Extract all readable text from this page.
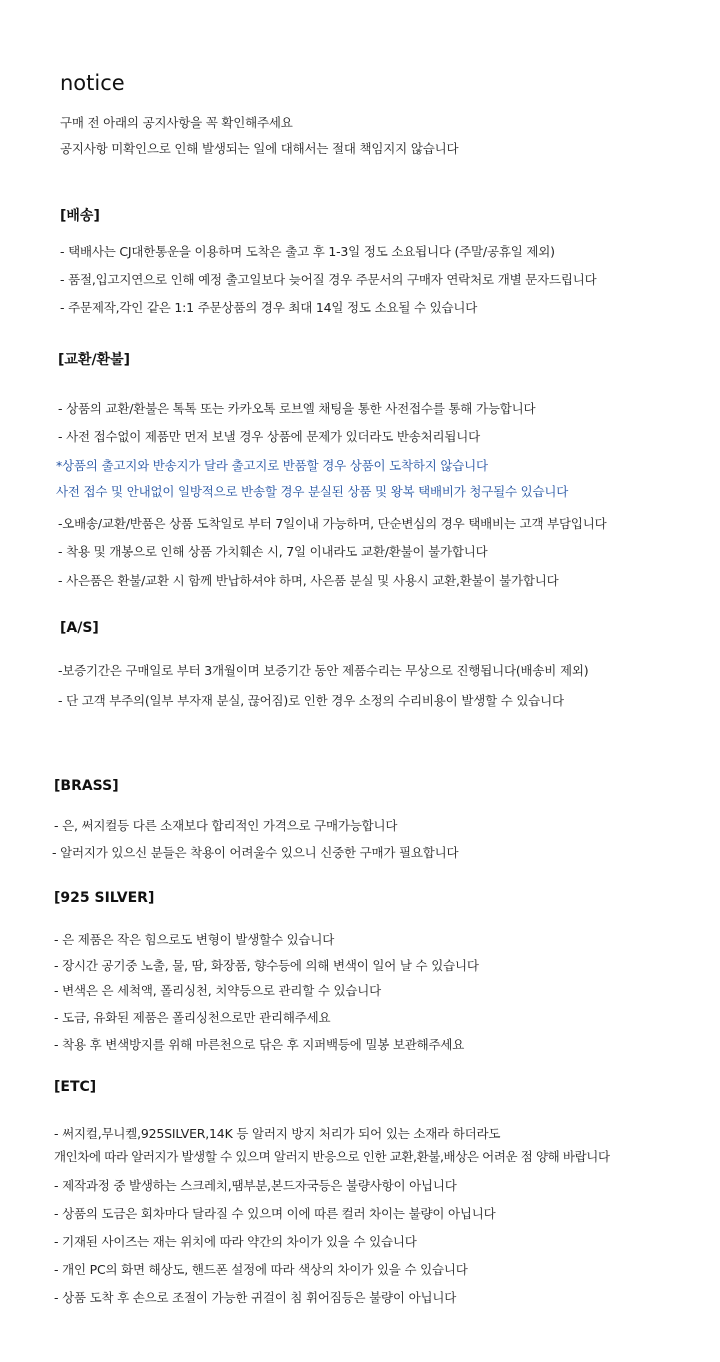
notice
구매 전 아래의 공지사항을 꼭 확인해주세요
공지사항 미확인으로 인해 발생되는 일에 대해서는 절대 책임지지 않습니다
[배송]
- 택배사는 CJ대한통운을 이용하며 도착은 출고 후 1-3일 정도 소요됩니다 (주말/공휴일 제외)
- 품절,입고지연으로 인해 예정 출고일보다 늦어질 경우 주문서의 구매자 연락처로 개별 문자드립니다
- 주문제작,각인 같은 1:1 주문상품의 경우 최대 14일 정도 소요될 수 있습니다
[교환/환불]
- 상품의 교환/환불은 톡톡 또는 카카오톡 로브엘 채팅을 통한 사전접수를 통해 가능합니다
- 사전 접수없이 제품만 먼저 보낼 경우 상품에 문제가 있더라도 반송처리됩니다
*상품의 출고지와 반송지가 달라 출고지로 반품할 경우 상품이 도착하지 않습니다
사전 접수 및 안내없이 일방적으로 반송할 경우 분실된 상품 및 왕복 택배비가 청구될수 있습니다
-오배송/교환/반품은 상품 도착일로 부터 7일이내 가능하며, 단순변심의 경우 택배비는 고객 부담입니다
- 착용 및 개봉으로 인해 상품 가치훼손 시, 7일 이내라도 교환/환불이 불가합니다
- 사은품은 환불/교환 시 함께 반납하셔야 하며, 사은품 분실 및 사용시 교환,환불이 불가합니다
[A/S]
-보증기간은 구매일로 부터 3개월이며 보증기간 동안 제품수리는 무상으로 진행됩니다(배송비 제외)
- 단 고객 부주의(일부 부자재 분실, 끊어짐)로 인한 경우 소정의 수리비용이 발생할 수 있습니다
[BRASS]
- 은, 써지컬등 다른 소재보다 합리적인 가격으로 구매가능합니다
- 알러지가 있으신 분들은 착용이 어려울수 있으니 신중한 구매가 필요합니다
[925 SILVER]
- 은 제품은 작은 힘으로도 변형이 발생할수 있습니다
- 장시간 공기중 노출, 물, 땀, 화장품, 향수등에 의해 변색이 일어 날 수 있습니다
- 변색은 은 세척액, 폴리싱천, 치약등으로 관리할 수 있습니다
- 도금, 유화된 제품은 폴리싱천으로만 관리해주세요
- 착용 후 변색방지를 위해 마른천으로 닦은 후 지퍼백등에 밀봉 보관해주세요
[ETC]
- 써지컬,무니켈,925SILVER,14K 등 알러지 방지 처리가 되어 있는 소재라 하더라도
개인차에 따라 알러지가 발생할 수 있으며 알러지 반응으로 인한 교환,환불,배상은 어려운 점 양해 바랍니다
- 제작과정 중 발생하는 스크레치,땜부분,본드자국등은 불량사항이 아닙니다
- 상품의 도금은 회차마다 달라질 수 있으며 이에 따른 컬러 차이는 불량이 아닙니다
- 기재된 사이즈는 재는 위치에 따라 약간의 차이가 있을 수 있습니다
- 개인 PC의 화면 해상도, 핸드폰 설정에 따라 색상의 차이가 있을 수 있습니다
- 상품 도착 후 손으로 조절이 가능한 귀걸이 침 휘어짐등은 불량이 아닙니다
